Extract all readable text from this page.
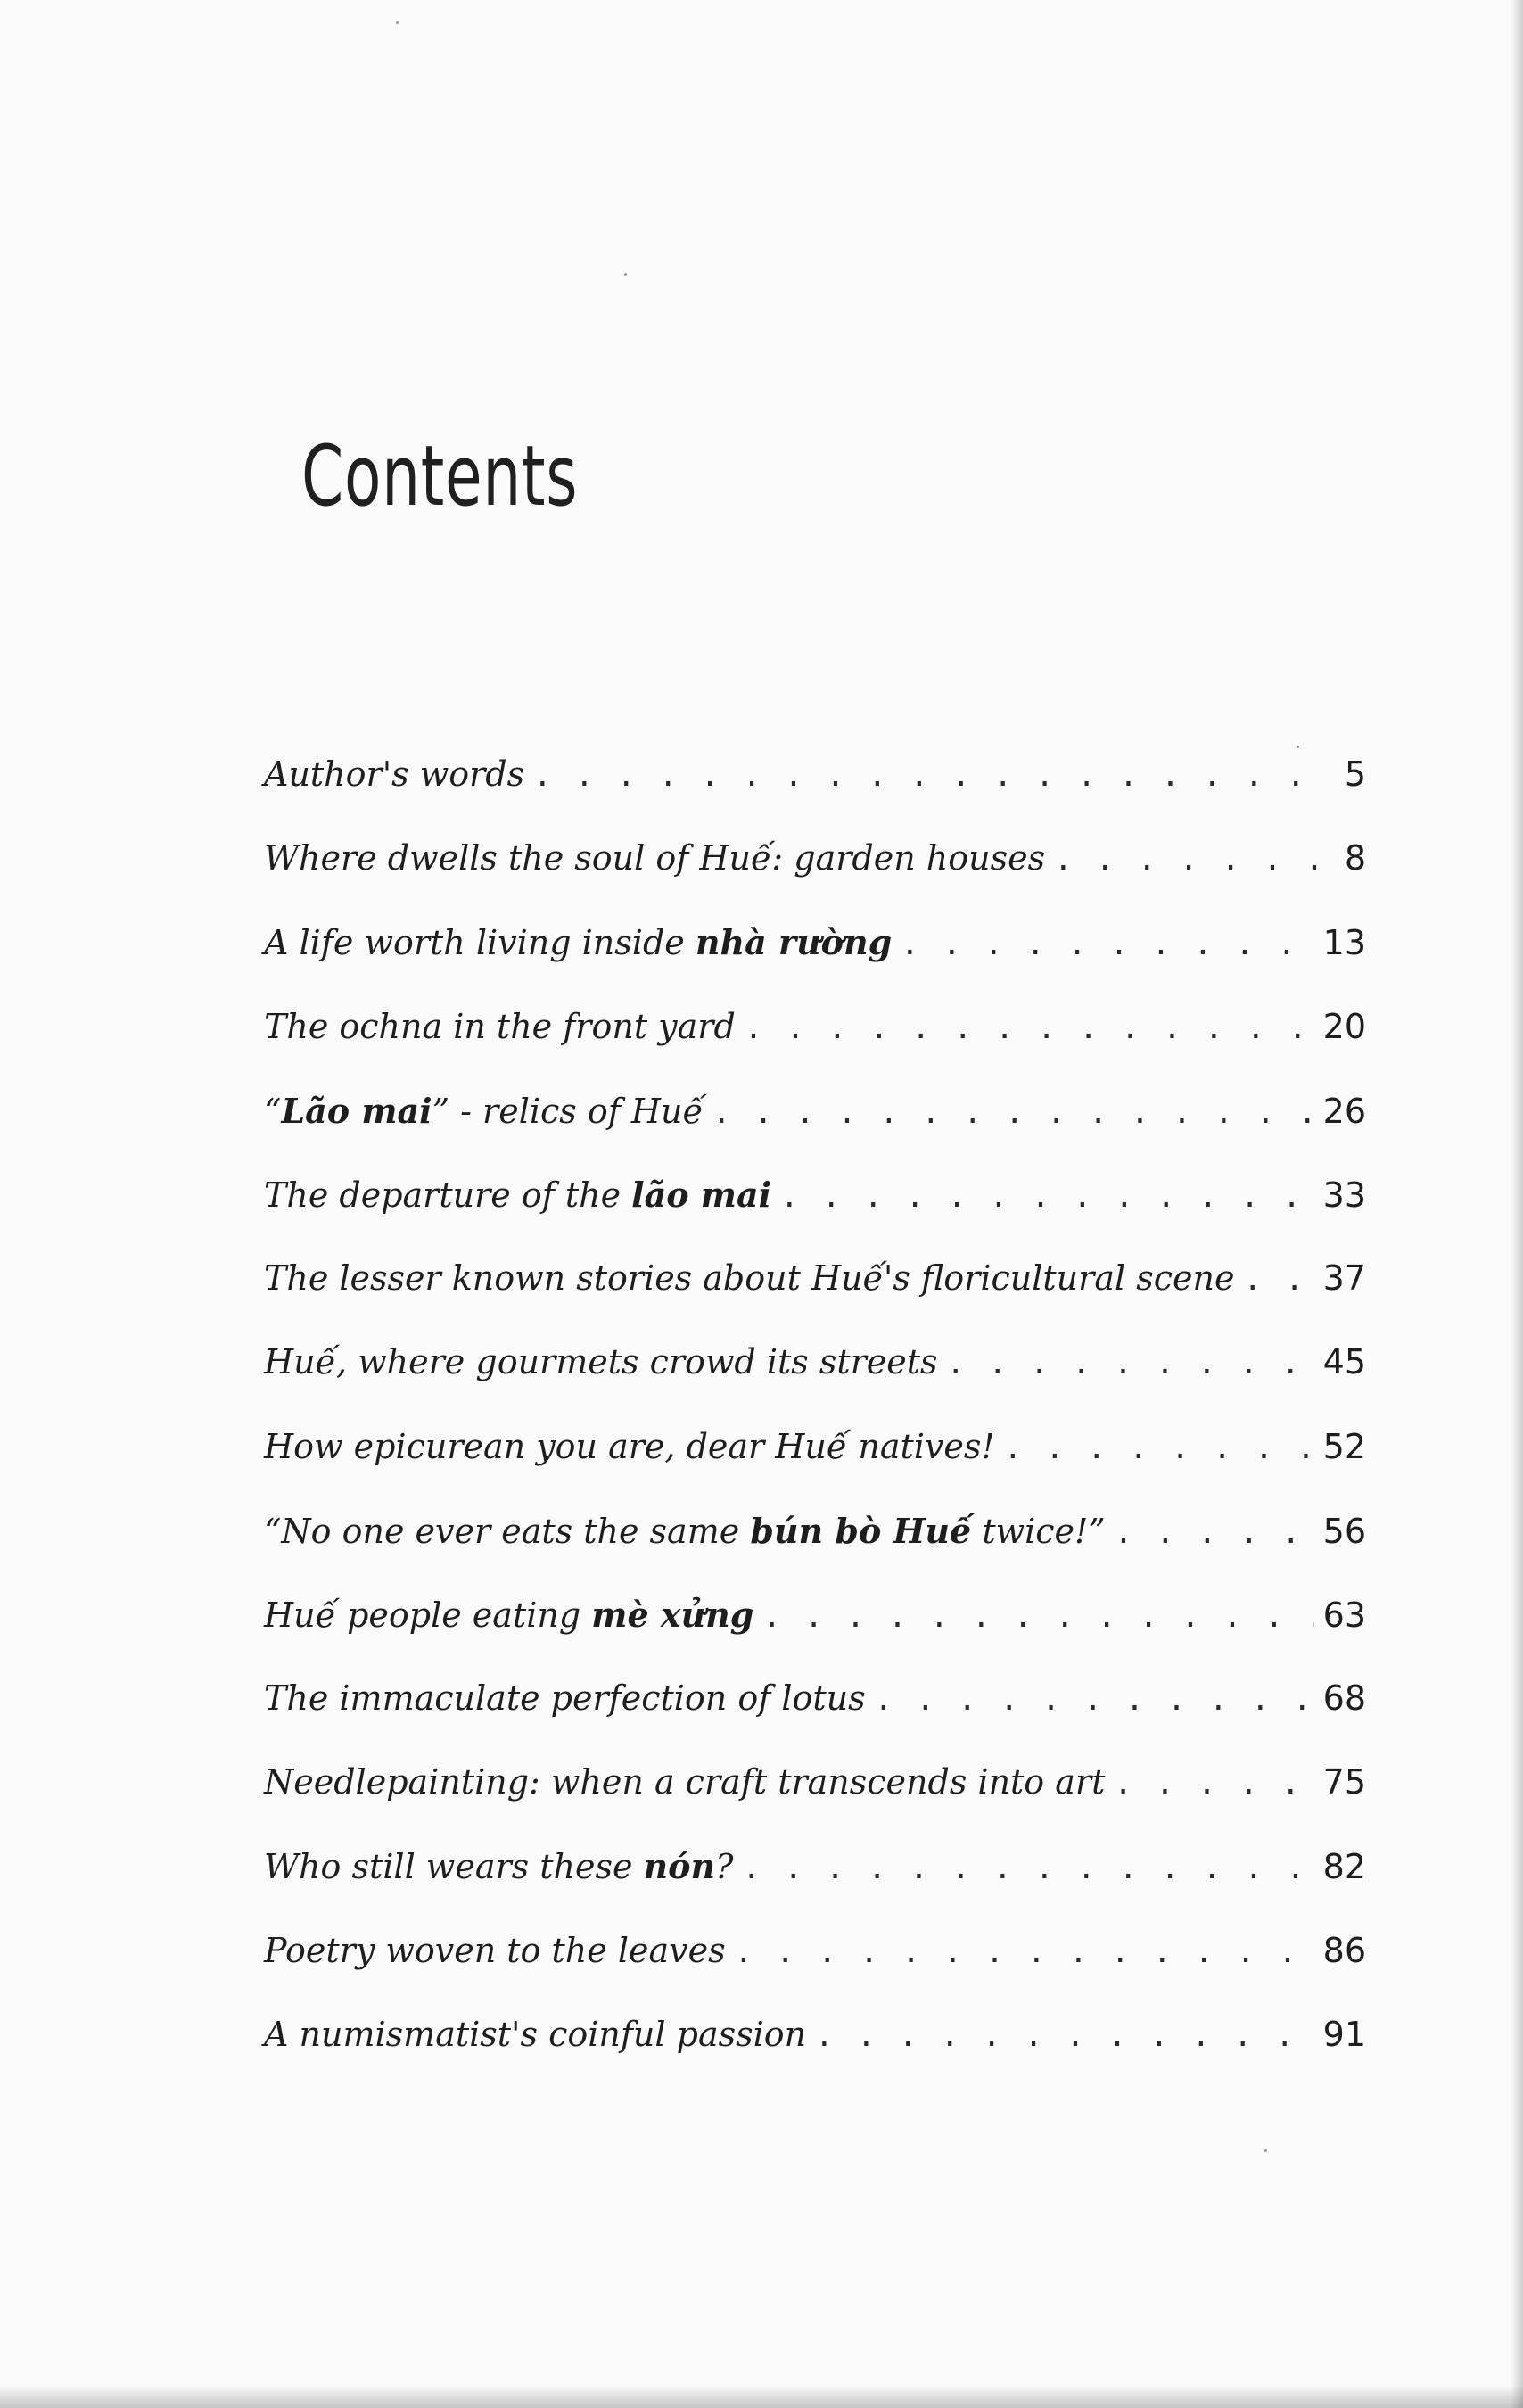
Contents
Author's words . . .	5
Where dwells the soul of Huế: garden houses . . .	8
A life worth living inside nhà rường . . .	13
The ochna in the front yard . . .	20
“Lão mai” - relics of Huế . . .	26
The departure of the lão mai . . .	33
The lesser known stories about Huế's floricultural scene . . .	37
Huế, where gourmets crowd its streets . . .	45
How epicurean you are, dear Huế natives! . . .	52
“No one ever eats the same bún bò Huế twice!” . . .	56
Huế people eating mè xửng . . .	63
The immaculate perfection of lotus . . .	68
Needlepainting: when a craft transcends into art . . .	75
Who still wears these nón? . . .	82
Poetry woven to the leaves . . .	86
A numismatist's coinful passion . . .	91
